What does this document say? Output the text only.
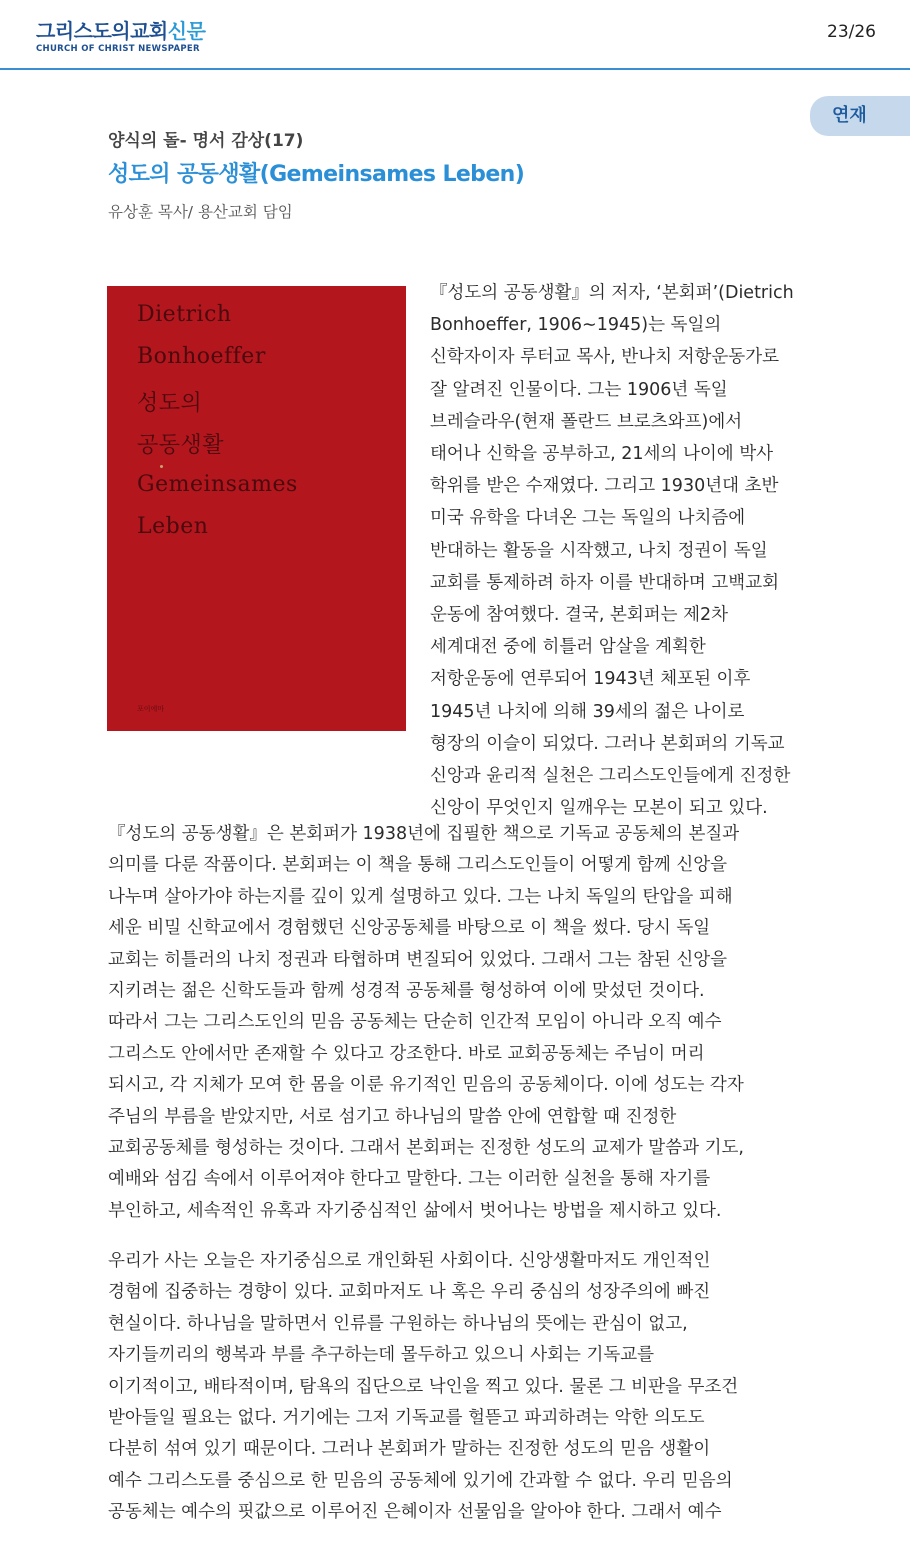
그리스도의교회신문
CHURCH OF CHRIST NEWSPAPER
23/26
연재
양식의 돌- 명서 감상(17)
성도의 공동생활(Gemeinsames Leben)
유상훈 목사/ 용산교회 담임
Dietrich
Bonhoeffer
성도의
공동생활
Gemeinsames
Leben
포이에마
『성도의 공동생활』의 저자, ‘본회퍼’(Dietrich
Bonhoeffer, 1906∼1945)는 독일의
신학자이자 루터교 목사, 반나치 저항운동가로
잘 알려진 인물이다. 그는 1906년 독일
브레슬라우(현재 폴란드 브로츠와프)에서
태어나 신학을 공부하고, 21세의 나이에 박사
학위를 받은 수재였다. 그리고 1930년대 초반
미국 유학을 다녀온 그는 독일의 나치즘에
반대하는 활동을 시작했고, 나치 정권이 독일
교회를 통제하려 하자 이를 반대하며 고백교회
운동에 참여했다. 결국, 본회퍼는 제2차
세계대전 중에 히틀러 암살을 계획한
저항운동에 연루되어 1943년 체포된 이후
1945년 나치에 의해 39세의 젊은 나이로
형장의 이슬이 되었다. 그러나 본회퍼의 기독교
신앙과 윤리적 실천은 그리스도인들에게 진정한
신앙이 무엇인지 일깨우는 모본이 되고 있다.
『성도의 공동생활』은 본회퍼가 1938년에 집필한 책으로 기독교 공동체의 본질과
의미를 다룬 작품이다. 본회퍼는 이 책을 통해 그리스도인들이 어떻게 함께 신앙을
나누며 살아가야 하는지를 깊이 있게 설명하고 있다. 그는 나치 독일의 탄압을 피해
세운 비밀 신학교에서 경험했던 신앙공동체를 바탕으로 이 책을 썼다. 당시 독일
교회는 히틀러의 나치 정권과 타협하며 변질되어 있었다. 그래서 그는 참된 신앙을
지키려는 젊은 신학도들과 함께 성경적 공동체를 형성하여 이에 맞섰던 것이다.
따라서 그는 그리스도인의 믿음 공동체는 단순히 인간적 모임이 아니라 오직 예수
그리스도 안에서만 존재할 수 있다고 강조한다. 바로 교회공동체는 주님이 머리
되시고, 각 지체가 모여 한 몸을 이룬 유기적인 믿음의 공동체이다. 이에 성도는 각자
주님의 부름을 받았지만, 서로 섬기고 하나님의 말씀 안에 연합할 때 진정한
교회공동체를 형성하는 것이다. 그래서 본회퍼는 진정한 성도의 교제가 말씀과 기도,
예배와 섬김 속에서 이루어져야 한다고 말한다. 그는 이러한 실천을 통해 자기를
부인하고, 세속적인 유혹과 자기중심적인 삶에서 벗어나는 방법을 제시하고 있다.
우리가 사는 오늘은 자기중심으로 개인화된 사회이다. 신앙생활마저도 개인적인
경험에 집중하는 경향이 있다. 교회마저도 나 혹은 우리 중심의 성장주의에 빠진
현실이다. 하나님을 말하면서 인류를 구원하는 하나님의 뜻에는 관심이 없고,
자기들끼리의 행복과 부를 추구하는데 몰두하고 있으니 사회는 기독교를
이기적이고, 배타적이며, 탐욕의 집단으로 낙인을 찍고 있다. 물론 그 비판을 무조건
받아들일 필요는 없다. 거기에는 그저 기독교를 헐뜯고 파괴하려는 악한 의도도
다분히 섞여 있기 때문이다. 그러나 본회퍼가 말하는 진정한 성도의 믿음 생활이
예수 그리스도를 중심으로 한 믿음의 공동체에 있기에 간과할 수 없다. 우리 믿음의
공동체는 예수의 핏값으로 이루어진 은혜이자 선물임을 알아야 한다. 그래서 예수
